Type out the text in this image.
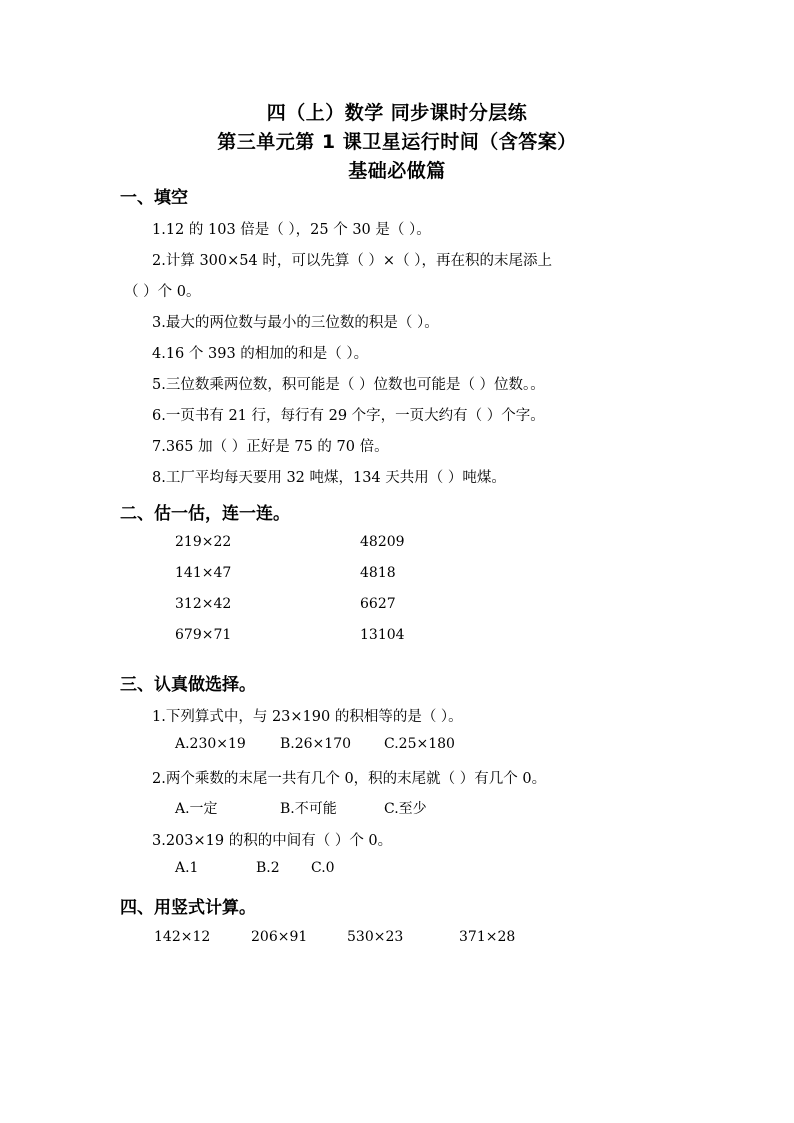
四（上）数学 同步课时分层练
第三单元第 1 课卫星运行时间（含答案）
基础必做篇
一、填空
1.12 的 103 倍是（ ），25 个 30 是（ ）。
2.计算 300×54 时，可以先算（ ）×（ ），再在积的末尾添上
（ ）个 0。
3.最大的两位数与最小的三位数的积是（ ）。
4.16 个 393 的相加的和是（ ）。
5.三位数乘两位数，积可能是（ ）位数也可能是（ ）位数。。
6.一页书有 21 行，每行有 29 个字，一页大约有（ ）个字。
7.365 加（ ）正好是 75 的 70 倍。
8.工厂平均每天要用 32 吨煤，134 天共用（ ）吨煤。
二、估一估，连一连。
219×22	48209
141×47	4818
312×42	6627
679×71	13104
三、认真做选择。
1.下列算式中，与 23×190 的积相等的是（ ）。
A.230×19 B.26×170 C.25×180
2.两个乘数的末尾一共有几个 0，积的末尾就（ ）有几个 0。
A.一定	B.不可能	C.至少
3.203×19 的积的中间有（ ）个 0。
A.1	B.2 C.0
四、用竖式计算。
142×12	206×91	530×23	371×28
